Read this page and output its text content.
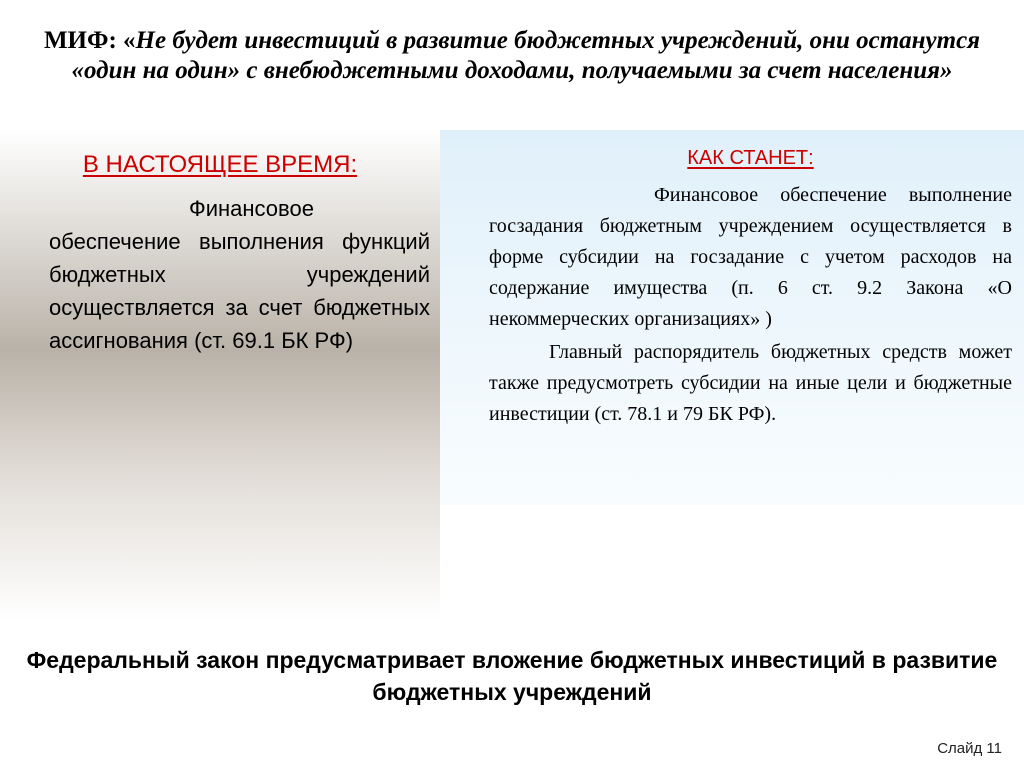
МИФ: «Не будет инвестиций в развитие бюджетных учреждений, они останутся «один на один» с внебюджетными доходами, получаемыми за счет населения»
В НАСТОЯЩЕЕ ВРЕМЯ:
Финансовое обеспечение выполнения функций бюджетных учреждений осуществляется за счет бюджетных ассигнования (ст. 69.1 БК РФ)
КАК СТАНЕТ:

Финансовое обеспечение выполнение госзадания бюджетным учреждением осуществляется в форме субсидии на госзадание с учетом расходов на содержание имущества (п. 6 ст. 9.2 Закона «О некоммерческих организациях» )

Главный распорядитель бюджетных средств может также предусмотреть субсидии на иные цели и бюджетные инвестиции (ст. 78.1 и 79 БК РФ).

Федеральный закон предусматривает вложение бюджетных инвестиций в развитие бюджетных учреждений
Слайд 11
